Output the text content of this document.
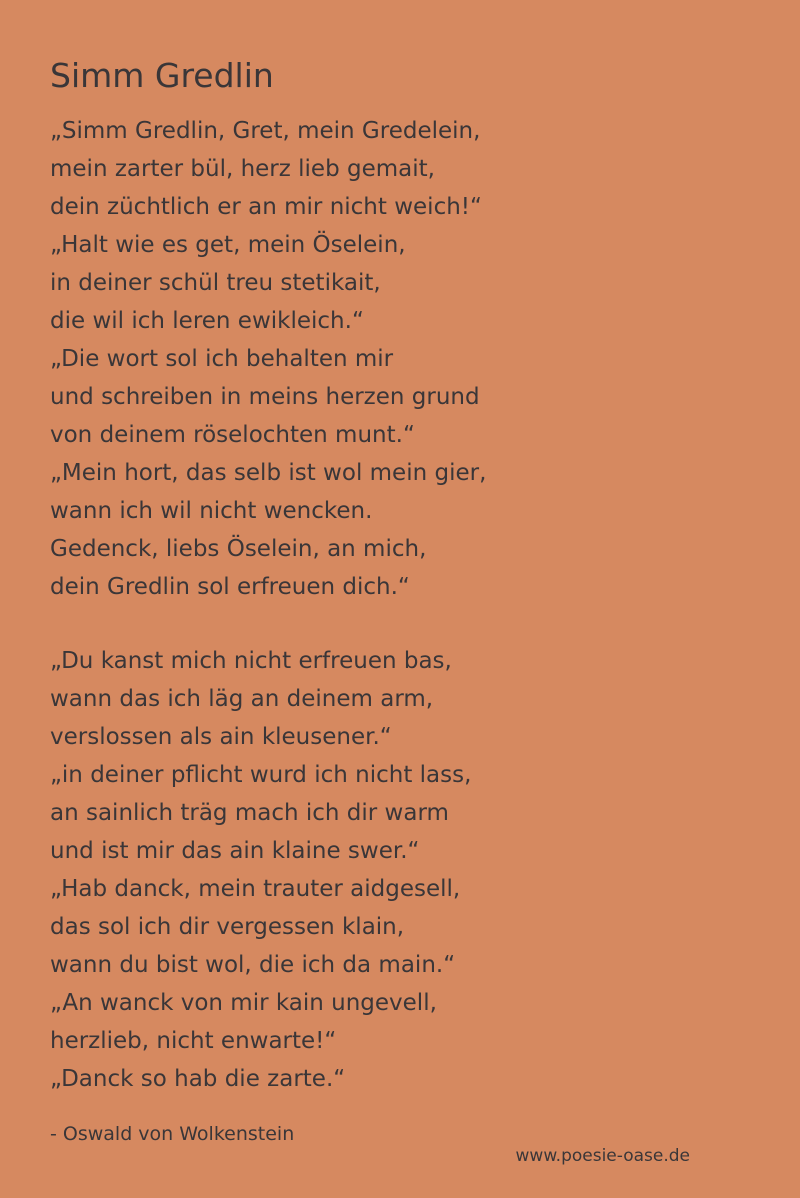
Simm Gredlin
„Simm Gredlin, Gret, mein Gredelein,
mein zarter bül, herz lieb gemait,
dein züchtlich er an mir nicht weich!“
„Halt wie es get, mein Öselein,
in deiner schül treu stetikait,
die wil ich leren ewikleich.“
„Die wort sol ich behalten mir
und schreiben in meins herzen grund
von deinem röselochten munt.“
„Mein hort, das selb ist wol mein gier,
wann ich wil nicht wencken.
Gedenck, liebs Öselein, an mich,
dein Gredlin sol erfreuen dich.“
„Du kanst mich nicht erfreuen bas,
wann das ich läg an deinem arm,
verslossen als ain kleusener.“
„in deiner pflicht wurd ich nicht lass,
an sainlich träg mach ich dir warm
und ist mir das ain klaine swer.“
„Hab danck, mein trauter aidgesell,
das sol ich dir vergessen klain,
wann du bist wol, die ich da main.“
„An wanck von mir kain ungevell,
herzlieb, nicht enwarte!“
„Danck so hab die zarte.“
- Oswald von Wolkenstein
www.poesie-oase.de
